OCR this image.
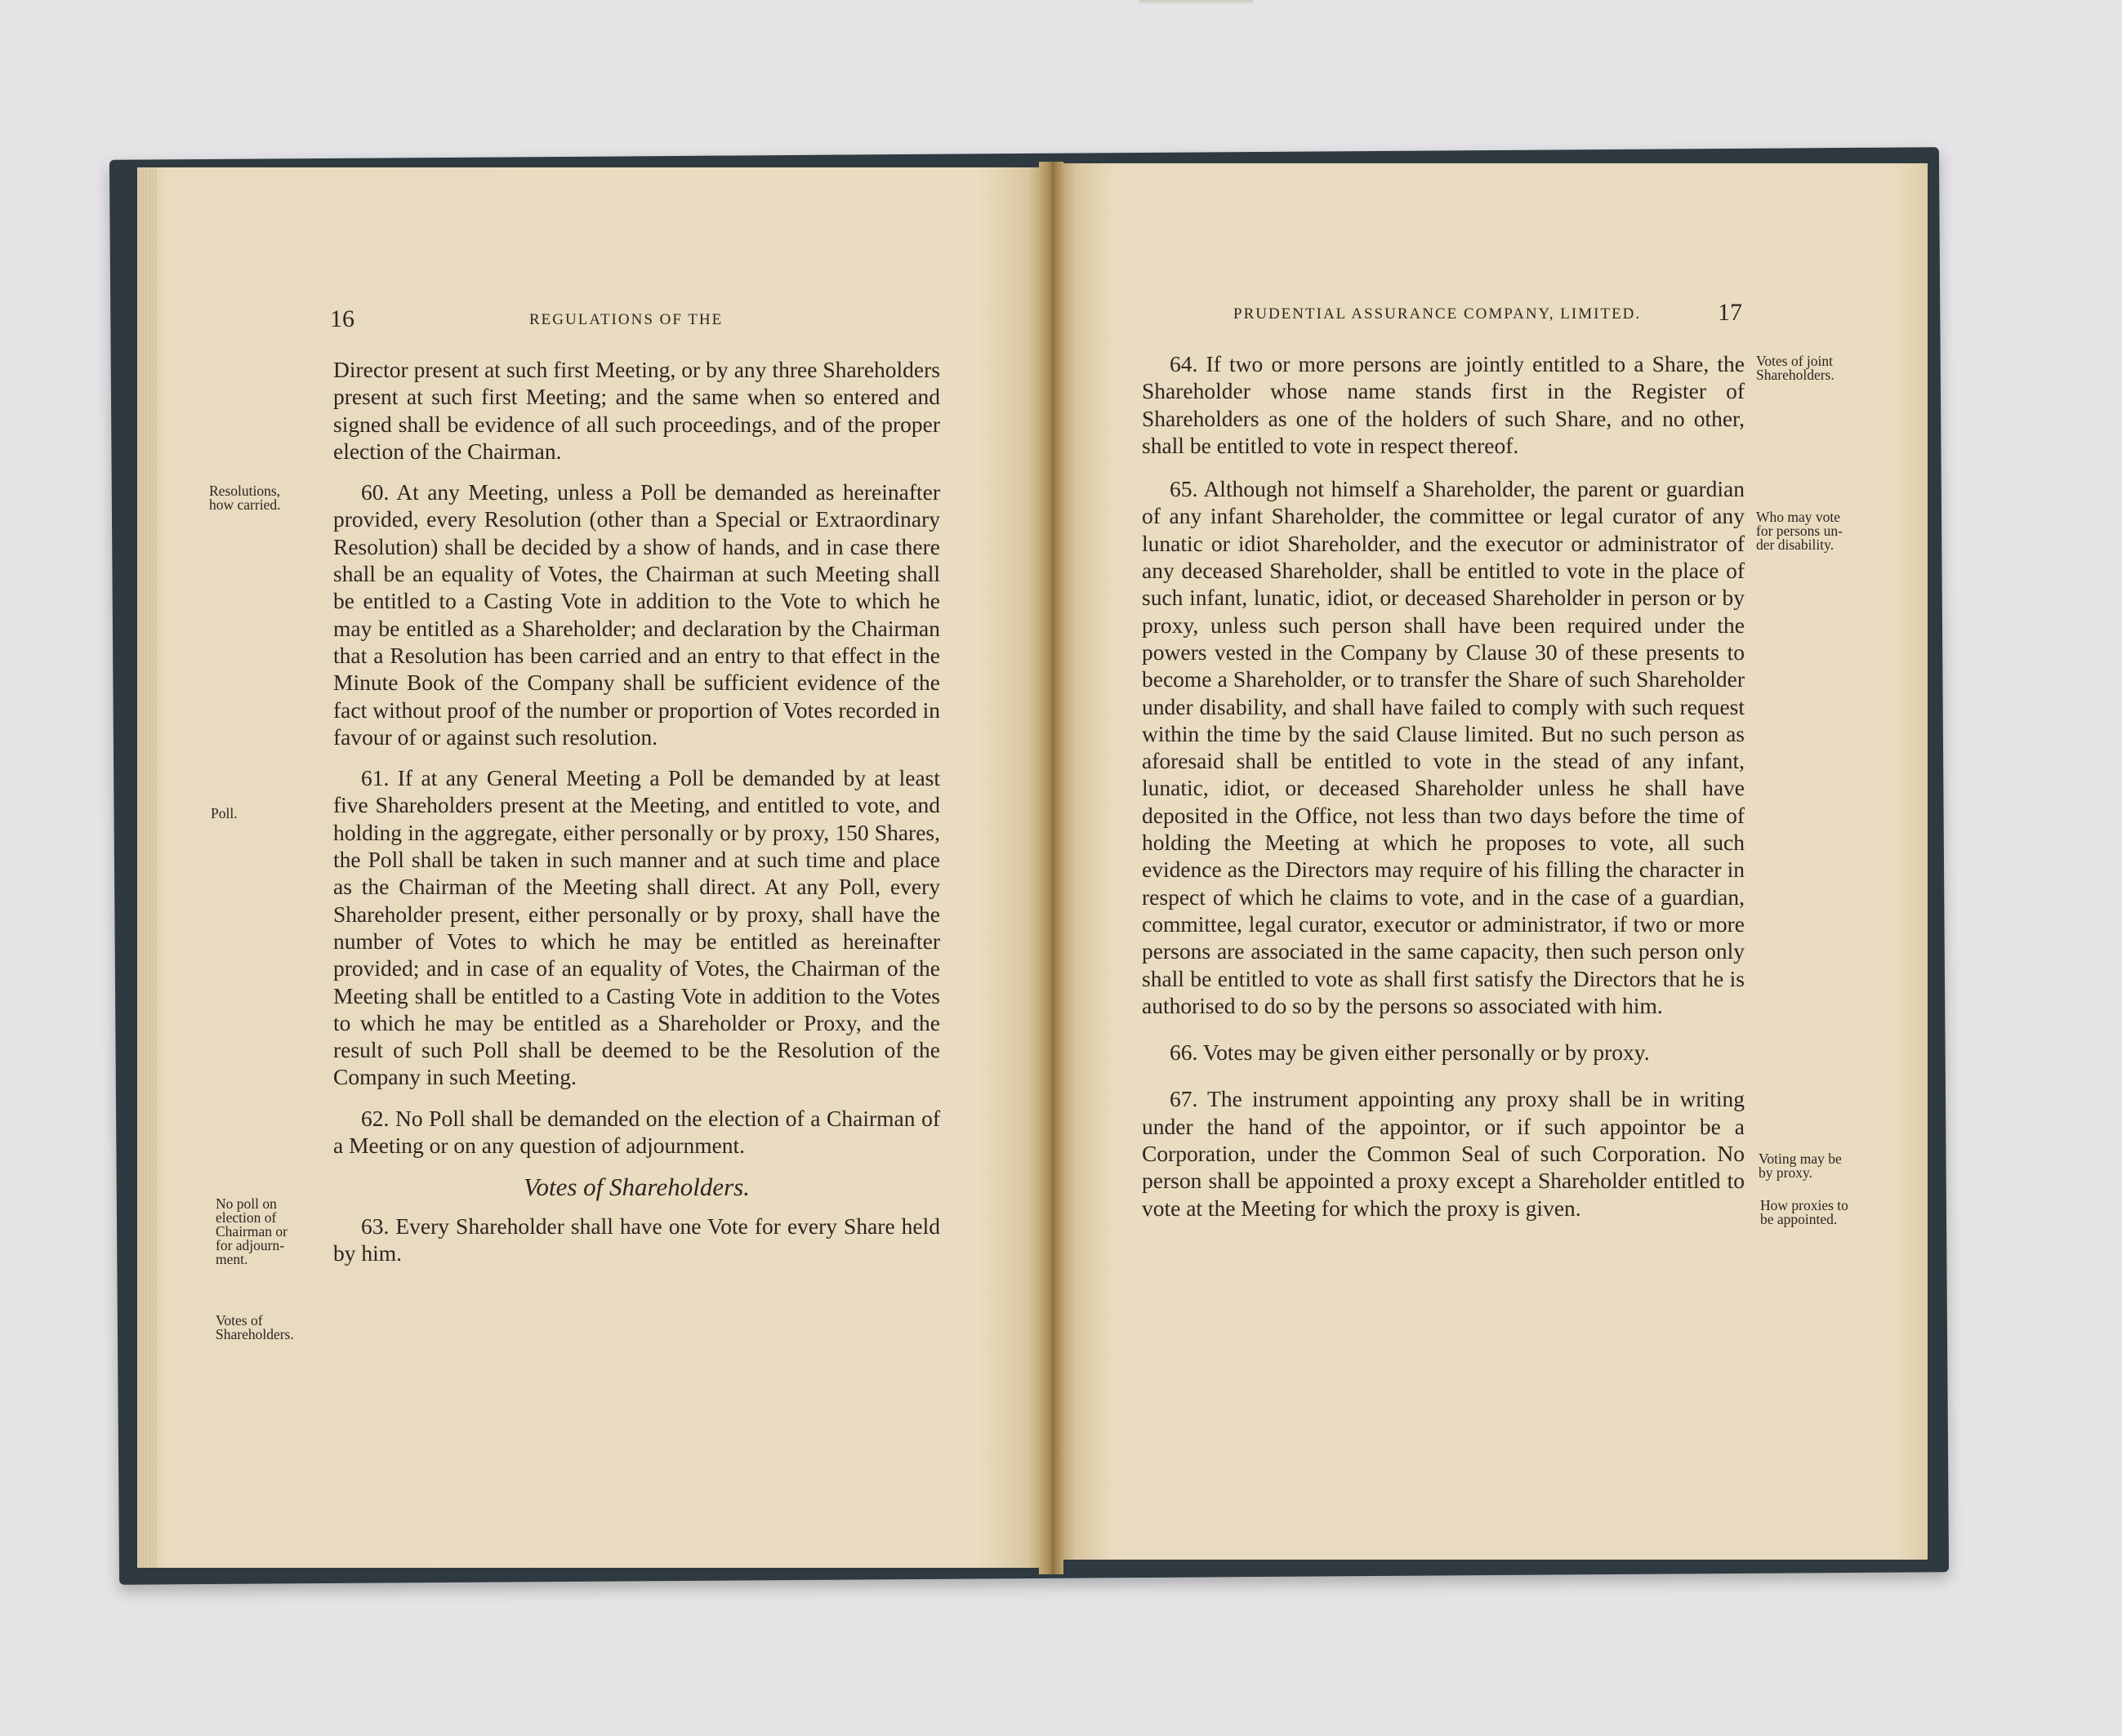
16	REGULATIONS OF THE

Director present at such first Meeting, or by any three Shareholders present at such first Meeting; and the same when so entered and signed shall be evidence of all such proceedings, and of the proper election of the Chairman.

60. At any Meeting, unless a Poll be demanded as hereinafter provided, every Resolution (other than a Special or Extraordinary Resolution) shall be decided by a show of hands, and in case there shall be an equality of Votes, the Chairman at such Meeting shall be entitled to a Casting Vote in addition to the Vote to which he may be entitled as a Shareholder; and declaration by the Chairman that a Resolution has been carried and an entry to that effect in the Minute Book of the Company shall be sufficient evidence of the fact without proof of the number or proportion of Votes recorded in favour of or against such resolution.

61. If at any General Meeting a Poll be demanded by at least five Shareholders present at the Meeting, and entitled to vote, and holding in the aggregate, either personally or by proxy, 150 Shares, the Poll shall be taken in such manner and at such time and place as the Chairman of the Meeting shall direct. At any Poll, every Shareholder present, either personally or by proxy, shall have the number of Votes to which he may be entitled as hereinafter provided; and in case of an equality of Votes, the Chairman of the Meeting shall be entitled to a Casting Vote in addition to the Votes to which he may be entitled as a Shareholder or Proxy, and the result of such Poll shall be deemed to be the Resolution of the Company in such Meeting.

62. No Poll shall be demanded on the election of a Chairman of a Meeting or on any question of adjournment.

Votes of Shareholders.

63. Every Shareholder shall have one Vote for every Share held by him.

Resolutions,
how carried.
Poll.
No poll on
election of
Chairman or
for adjourn-
ment.
Votes of
Shareholders.
PRUDENTIAL ASSURANCE COMPANY, LIMITED.	17

64. If two or more persons are jointly entitled to a Share, the Shareholder whose name stands first in the Register of Shareholders as one of the holders of such Share, and no other, shall be entitled to vote in respect thereof.

65. Although not himself a Shareholder, the parent or guardian of any infant Shareholder, the committee or legal curator of any lunatic or idiot Shareholder, and the executor or administrator of any deceased Shareholder, shall be entitled to vote in the place of such infant, lunatic, idiot, or deceased Shareholder in person or by proxy, unless such person shall have been required under the powers vested in the Company by Clause 30 of these presents to become a Shareholder, or to transfer the Share of such Shareholder under disability, and shall have failed to comply with such request within the time by the said Clause limited. But no such person as aforesaid shall be entitled to vote in the stead of any infant, lunatic, idiot, or deceased Shareholder unless he shall have deposited in the Office, not less than two days before the time of holding the Meeting at which he proposes to vote, all such evidence as the Directors may require of his filling the character in respect of which he claims to vote, and in the case of a guardian, committee, legal curator, executor or administrator, if two or more persons are associated in the same capacity, then such person only shall be entitled to vote as shall first satisfy the Directors that he is authorised to do so by the persons so associated with him.

66. Votes may be given either personally or by proxy.

67. The instrument appointing any proxy shall be in writing under the hand of the appointor, or if such appointor be a Corporation, under the Common Seal of such Corporation. No person shall be appointed a proxy except a Shareholder entitled to vote at the Meeting for which the proxy is given.

Votes of joint
Shareholders.
Who may vote
for persons un-
der disability.
Voting may be
by proxy.
How proxies to
be appointed.
